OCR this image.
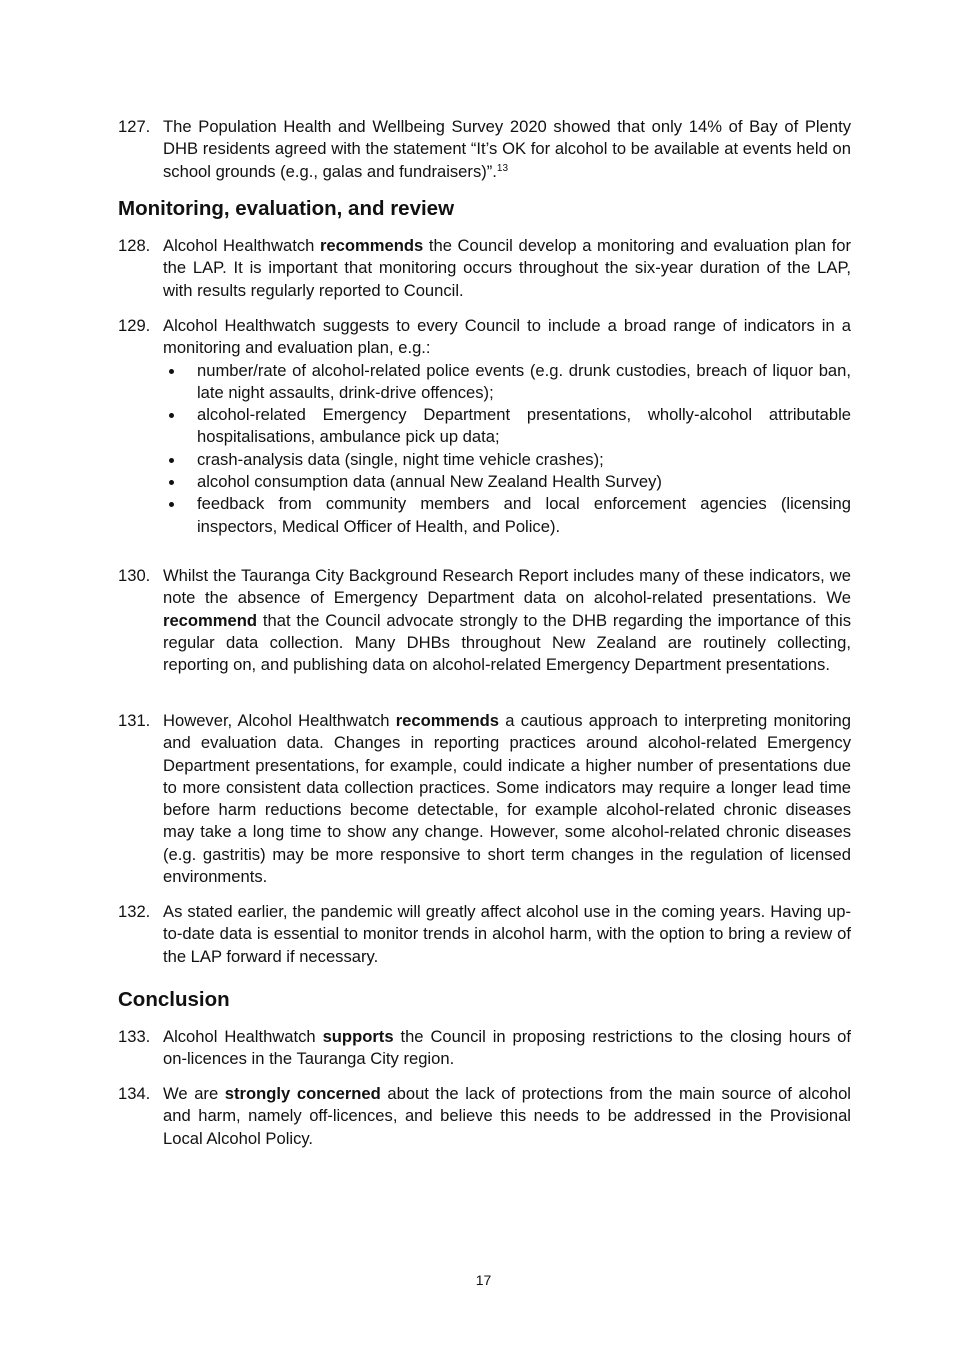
127. The Population Health and Wellbeing Survey 2020 showed that only 14% of Bay of Plenty DHB residents agreed with the statement “It’s OK for alcohol to be available at events held on school grounds (e.g., galas and fundraisers)”.$^{13}$
Monitoring, evaluation, and review
128. Alcohol Healthwatch recommends the Council develop a monitoring and evaluation plan for the LAP. It is important that monitoring occurs throughout the six-year duration of the LAP, with results regularly reported to Council.
129. Alcohol Healthwatch suggests to every Council to include a broad range of indicators in a monitoring and evaluation plan, e.g.:
number/rate of alcohol-related police events (e.g. drunk custodies, breach of liquor ban, late night assaults, drink-drive offences);
alcohol-related Emergency Department presentations, wholly-alcohol attributable hospitalisations, ambulance pick up data;
crash-analysis data (single, night time vehicle crashes);
alcohol consumption data (annual New Zealand Health Survey)
feedback from community members and local enforcement agencies (licensing inspectors, Medical Officer of Health, and Police).
130. Whilst the Tauranga City Background Research Report includes many of these indicators, we note the absence of Emergency Department data on alcohol-related presentations. We recommend that the Council advocate strongly to the DHB regarding the importance of this regular data collection. Many DHBs throughout New Zealand are routinely collecting, reporting on, and publishing data on alcohol-related Emergency Department presentations.
131. However, Alcohol Healthwatch recommends a cautious approach to interpreting monitoring and evaluation data. Changes in reporting practices around alcohol-related Emergency Department presentations, for example, could indicate a higher number of presentations due to more consistent data collection practices. Some indicators may require a longer lead time before harm reductions become detectable, for example alcohol-related chronic diseases may take a long time to show any change. However, some alcohol-related chronic diseases (e.g. gastritis) may be more responsive to short term changes in the regulation of licensed environments.
132. As stated earlier, the pandemic will greatly affect alcohol use in the coming years. Having up-to-date data is essential to monitor trends in alcohol harm, with the option to bring a review of the LAP forward if necessary.
Conclusion
133. Alcohol Healthwatch supports the Council in proposing restrictions to the closing hours of on-licences in the Tauranga City region.
134. We are strongly concerned about the lack of protections from the main source of alcohol and harm, namely off-licences, and believe this needs to be addressed in the Provisional Local Alcohol Policy.
17
